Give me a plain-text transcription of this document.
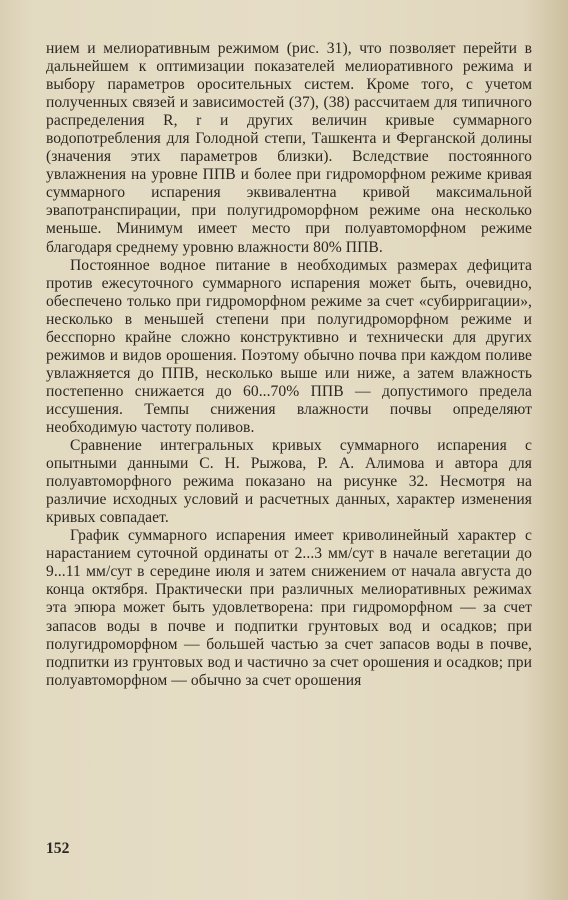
нием и мелиоративным режимом (рис. 31), что позволяет перейти в дальнейшем к оптимизации показателей мелиоративного режима и выбору параметров оросительных систем. Кроме того, с учетом полученных связей и зависимостей (37), (38) рассчитаем для типичного распределения R, r и других величин кривые суммарного водопотребления для Голодной степи, Ташкента и Ферганской долины (значения этих параметров близки). Вследствие постоянного увлажнения на уровне ППВ и более при гидроморфном режиме кривая суммарного испарения эквивалентна кривой максимальной эвапотранспирации, при полугидроморфном режиме она несколько меньше. Минимум имеет место при полуавтоморфном режиме благодаря среднему уровню влажности 80% ППВ.

Постоянное водное питание в необходимых размерах дефицита против ежесуточного суммарного испарения может быть, очевидно, обеспечено только при гидроморфном режиме за счет «субирригации», несколько в меньшей степени при полугидроморфном режиме и бесспорно крайне сложно конструктивно и технически для других режимов и видов орошения. Поэтому обычно почва при каждом поливе увлажняется до ППВ, несколько выше или ниже, а затем влажность постепенно снижается до 60...70% ППВ — допустимого предела иссушения. Темпы снижения влажности почвы определяют необходимую частоту поливов.

Сравнение интегральных кривых суммарного испарения с опытными данными С. Н. Рыжова, Р. А. Алимова и автора для полуавтоморфного режима показано на рисунке 32. Несмотря на различие исходных условий и расчетных данных, характер изменения кривых совпадает.

График суммарного испарения имеет криволинейный характер с нарастанием суточной ординаты от 2...3 мм/сут в начале вегетации до 9...11 мм/сут в середине июля и затем снижением от начала августа до конца октября. Практически при различных мелиоративных режимах эта эпюра может быть удовлетворена: при гидроморфном — за счет запасов воды в почве и подпитки грунтовых вод и осадков; при полугидроморфном — большей частью за счет запасов воды в почве, подпитки из грунтовых вод и частично за счет орошения и осадков; при полуавтоморфном — обычно за счет орошения

152
